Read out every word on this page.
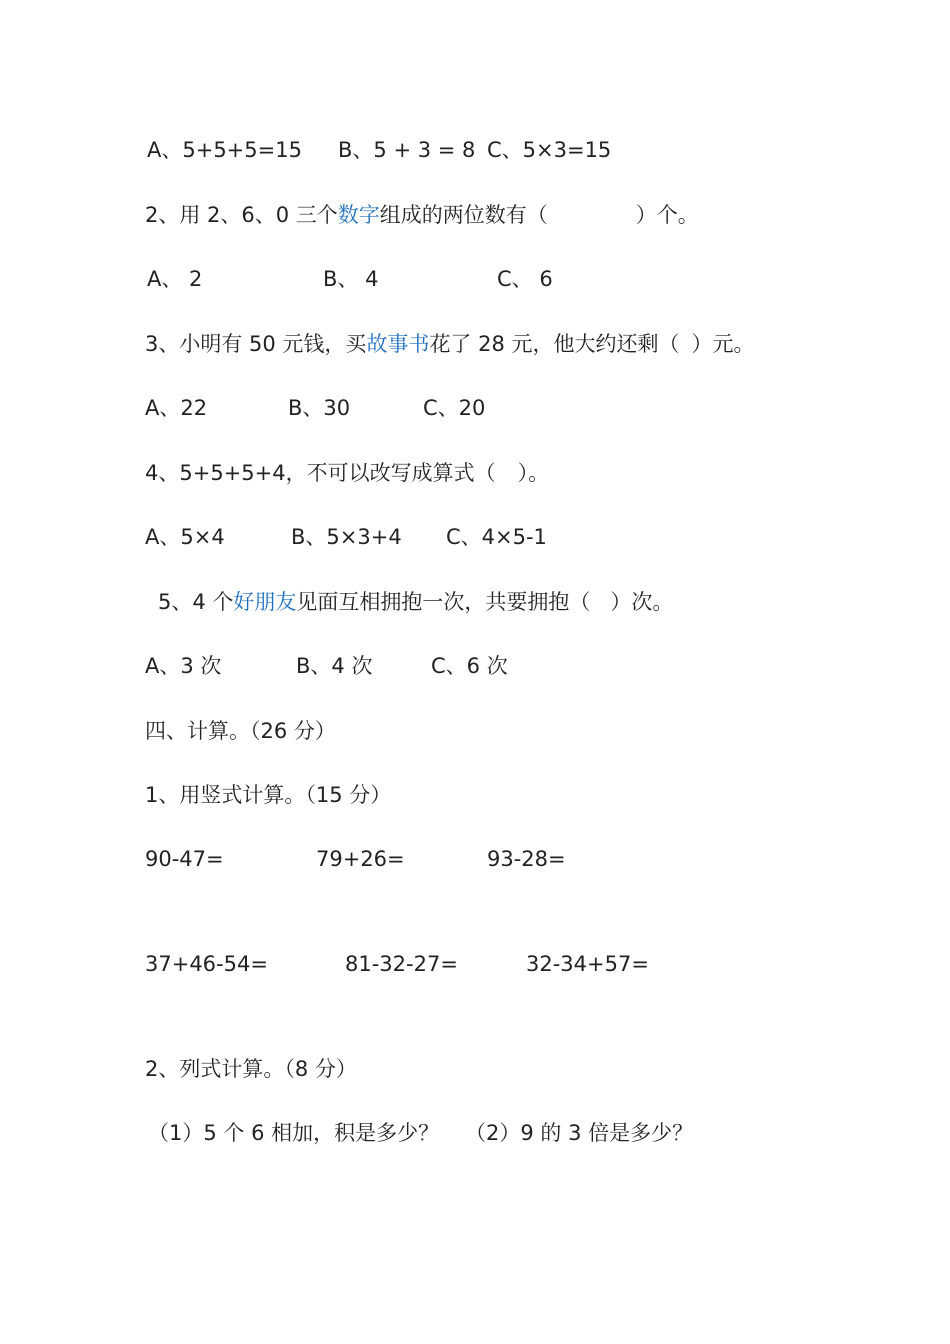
A、5+5+5=15 B、5 + 3 = 8 C、5×3=15
2、用 2、6、0 三个数字组成的两位数有（	）个。
A、 2	B、 4	C、 6
3、小明有 50 元钱，买故事书花了 28 元，他大约还剩（ ）元。
A、22	B、30	C、20
4、5+5+5+4，不可以改写成算式（ ）。
A、5×4	B、5×3+4 C、4×5-1
5、4 个好朋友见面互相拥抱一次，共要拥抱（ ）次。
A、3 次	B、4 次	C、6 次
四、计算。（26 分）
1、用竖式计算。（15 分）
90-47=	79+26=	93-28=
37+46-54=	81-32-27=	32-34+57=
2、列式计算。（8 分）
（1）5 个 6 相加，积是多少？ （2）9 的 3 倍是多少？
